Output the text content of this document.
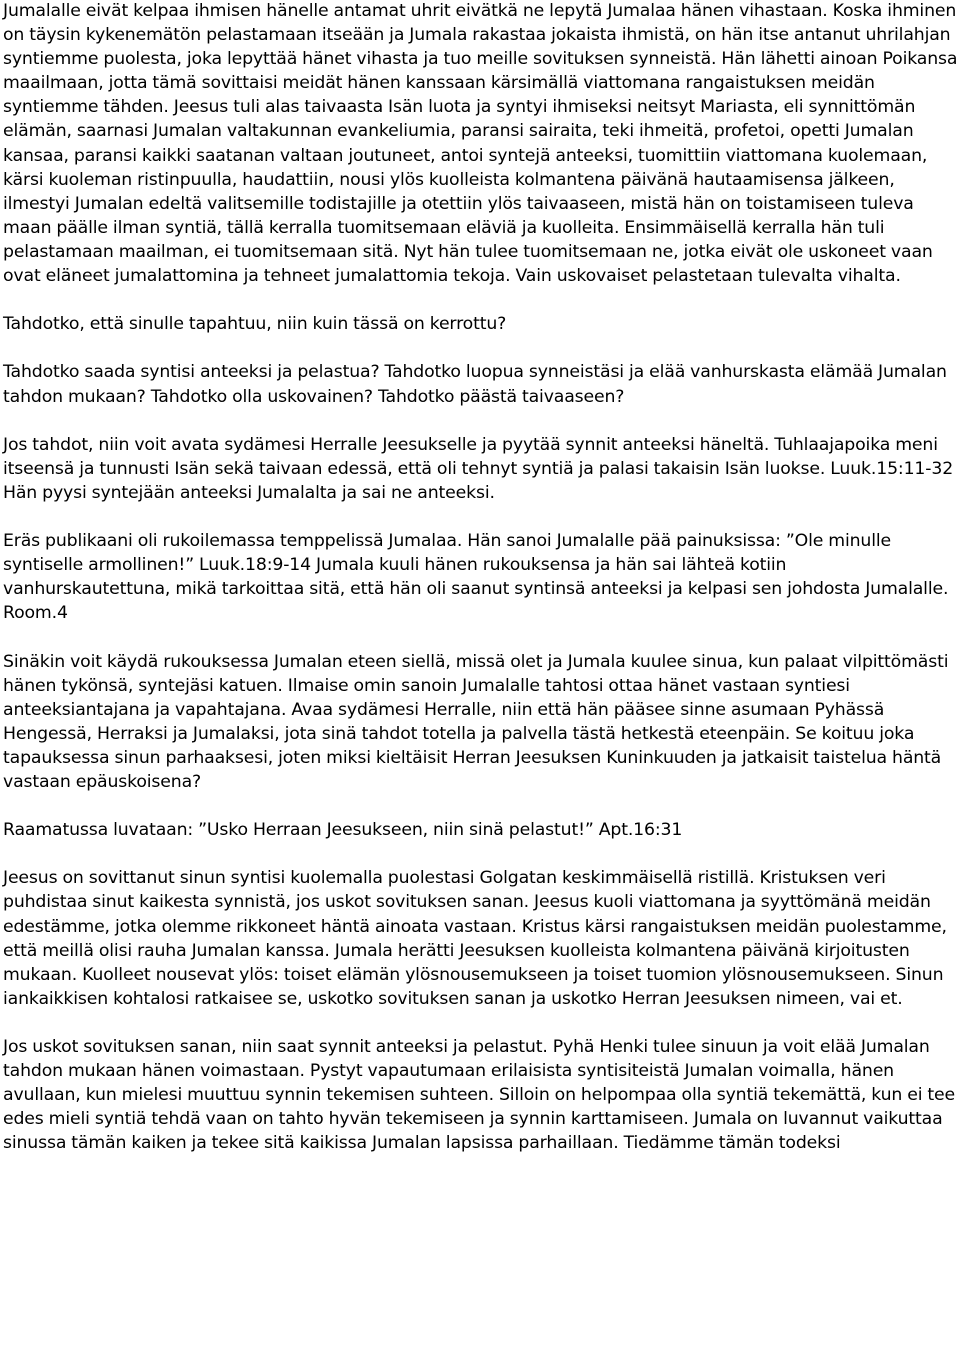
Jumalalle eivät kelpaa ihmisen hänelle antamat uhrit eivätkä ne lepytä Jumalaa hänen vihastaan. Koska ihminen on täysin kykenemätön pelastamaan itseään ja Jumala rakastaa jokaista ihmistä, on hän itse antanut uhrilahjan syntiemme puolesta, joka lepyttää hänet vihasta ja tuo meille sovituksen synneistä. Hän lähetti ainoan Poikansa maailmaan, jotta tämä sovittaisi meidät hänen kanssaan kärsimällä viattomana rangaistuksen meidän syntiemme tähden. Jeesus tuli alas taivaasta Isän luota ja syntyi ihmiseksi neitsyt Mariasta, eli synnittömän elämän, saarnasi Jumalan valtakunnan evankeliumia, paransi sairaita, teki ihmeitä, profetoi, opetti Jumalan kansaa, paransi kaikki saatanan valtaan joutuneet, antoi syntejä anteeksi, tuomittiin viattomana kuolemaan, kärsi kuoleman ristinpuulla, haudattiin, nousi ylös kuolleista kolmantena päivänä hautaamisensa jälkeen, ilmestyi Jumalan edeltä valitsemille todistajille ja otettiin ylös taivaaseen, mistä hän on toistamiseen tuleva maan päälle ilman syntiä, tällä kerralla tuomitsemaan eläviä ja kuolleita. Ensimmäisellä kerralla hän tuli pelastamaan maailman, ei tuomitsemaan sitä. Nyt hän tulee tuomitsemaan ne, jotka eivät ole uskoneet vaan ovat eläneet jumalattomina ja tehneet jumalattomia tekoja. Vain uskovaiset pelastetaan tulevalta vihalta.

Tahdotko, että sinulle tapahtuu, niin kuin tässä on kerrottu?

Tahdotko saada syntisi anteeksi ja pelastua? Tahdotko luopua synneistäsi ja elää vanhurskasta elämää Jumalan tahdon mukaan? Tahdotko olla uskovainen? Tahdotko päästä taivaaseen?

Jos tahdot, niin voit avata sydämesi Herralle Jeesukselle ja pyytää synnit anteeksi häneltä. Tuhlaajapoika meni itseensä ja tunnusti Isän sekä taivaan edessä, että oli tehnyt syntiä ja palasi takaisin Isän luokse. Luuk.15:11-32 Hän pyysi syntejään anteeksi Jumalalta ja sai ne anteeksi.

Eräs publikaani oli rukoilemassa temppelissä Jumalaa. Hän sanoi Jumalalle pää painuksissa: ”Ole minulle syntiselle armollinen!” Luuk.18:9-14 Jumala kuuli hänen rukouksensa ja hän sai lähteä kotiin vanhurskautettuna, mikä tarkoittaa sitä, että hän oli saanut syntinsä anteeksi ja kelpasi sen johdosta Jumalalle. Room.4

Sinäkin voit käydä rukouksessa Jumalan eteen siellä, missä olet ja Jumala kuulee sinua, kun palaat vilpittömästi hänen tykönsä, syntejäsi katuen. Ilmaise omin sanoin Jumalalle tahtosi ottaa hänet vastaan syntiesi anteeksiantajana ja vapahtajana. Avaa sydämesi Herralle, niin että hän pääsee sinne asumaan Pyhässä Hengessä, Herraksi ja Jumalaksi, jota sinä tahdot totella ja palvella tästä hetkestä eteenpäin. Se koituu joka tapauksessa sinun parhaaksesi, joten miksi kieltäisit Herran Jeesuksen Kuninkuuden ja jatkaisit taistelua häntä vastaan epäuskoisena?

Raamatussa luvataan: ”Usko Herraan Jeesukseen, niin sinä pelastut!” Apt.16:31

Jeesus on sovittanut sinun syntisi kuolemalla puolestasi Golgatan keskimmäisellä ristillä. Kristuksen veri puhdistaa sinut kaikesta synnistä, jos uskot sovituksen sanan. Jeesus kuoli viattomana ja syyttömänä meidän edestämme, jotka olemme rikkoneet häntä ainoata vastaan. Kristus kärsi rangaistuksen meidän puolestamme, että meillä olisi rauha Jumalan kanssa. Jumala herätti Jeesuksen kuolleista kolmantena päivänä kirjoitusten mukaan. Kuolleet nousevat ylös: toiset elämän ylösnousemukseen ja toiset tuomion ylösnousemukseen. Sinun iankaikkisen kohtalosi ratkaisee se, uskotko sovituksen sanan ja uskotko Herran Jeesuksen nimeen, vai et.

Jos uskot sovituksen sanan, niin saat synnit anteeksi ja pelastut. Pyhä Henki tulee sinuun ja voit elää Jumalan tahdon mukaan hänen voimastaan. Pystyt vapautumaan erilaisista syntisiteistä Jumalan voimalla, hänen avullaan, kun mielesi muuttuu synnin tekemisen suhteen. Silloin on helpompaa olla syntiä tekemättä, kun ei tee edes mieli syntiä tehdä vaan on tahto hyvän tekemiseen ja synnin karttamiseen. Jumala on luvannut vaikuttaa sinussa tämän kaiken ja tekee sitä kaikissa Jumalan lapsissa parhaillaan. Tiedämme tämän todeksi
